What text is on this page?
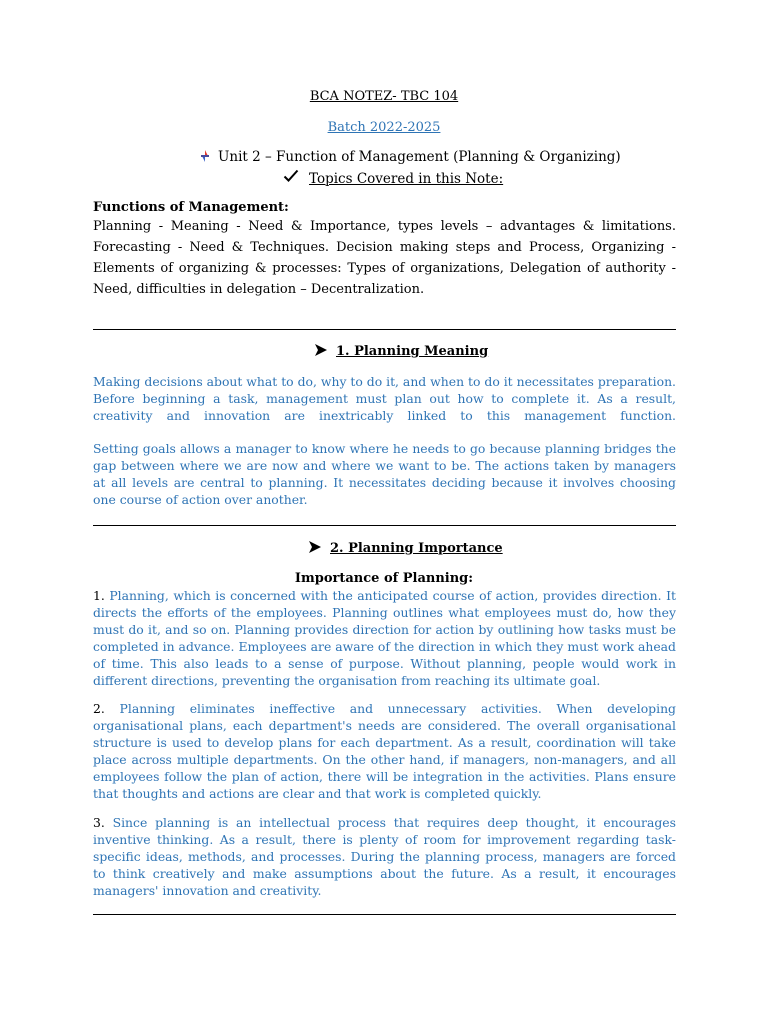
BCA NOTEZ- TBC 104
Batch 2022-2025
Unit 2 – Function of Management (Planning & Organizing)
Topics Covered in this Note:
Functions of Management:
Planning - Meaning - Need & Importance, types levels – advantages & limitations. Forecasting - Need & Techniques. Decision making steps and Process, Organizing - Elements of organizing & processes: Types of organizations, Delegation of authority - Need, difficulties in delegation – Decentralization.
1. Planning Meaning
Making decisions about what to do, why to do it, and when to do it necessitates preparation. Before beginning a task, management must plan out how to complete it. As a result, creativity and innovation are inextricably linked to this management function.
Setting goals allows a manager to know where he needs to go because planning bridges the gap between where we are now and where we want to be. The actions taken by managers at all levels are central to planning. It necessitates deciding because it involves choosing one course of action over another.
2. Planning Importance
Importance of Planning:
1. Planning, which is concerned with the anticipated course of action, provides direction. It directs the efforts of the employees. Planning outlines what employees must do, how they must do it, and so on. Planning provides direction for action by outlining how tasks must be completed in advance. Employees are aware of the direction in which they must work ahead of time. This also leads to a sense of purpose. Without planning, people would work in different directions, preventing the organisation from reaching its ultimate goal.
2. Planning eliminates ineffective and unnecessary activities. When developing organisational plans, each department's needs are considered. The overall organisational structure is used to develop plans for each department. As a result, coordination will take place across multiple departments. On the other hand, if managers, non-managers, and all employees follow the plan of action, there will be integration in the activities. Plans ensure that thoughts and actions are clear and that work is completed quickly.
3. Since planning is an intellectual process that requires deep thought, it encourages inventive thinking. As a result, there is plenty of room for improvement regarding task-specific ideas, methods, and processes. During the planning process, managers are forced to think creatively and make assumptions about the future. As a result, it encourages managers' innovation and creativity.
